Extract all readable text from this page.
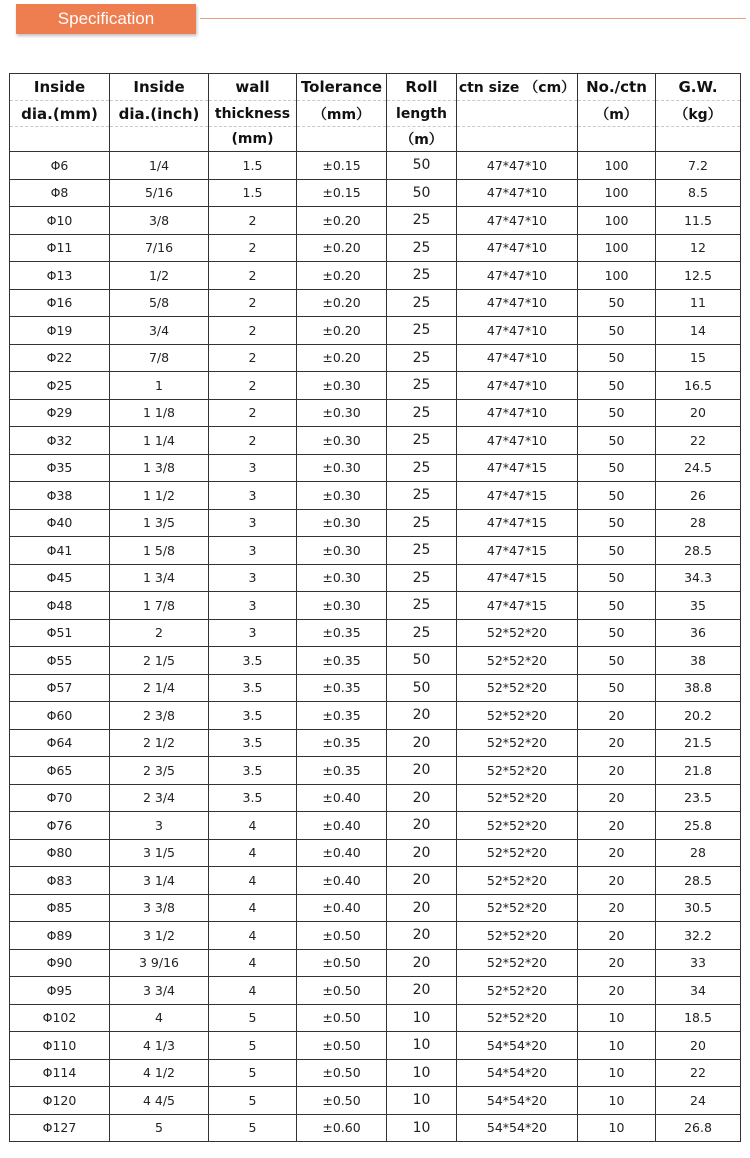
Specification
Inside	Inside	wall	Tolerance	Roll	ctn size （cm）	No./ctn	G.W.
dia.(mm)	dia.(inch)	thickness	（mm）	length		（m）	（kg）
		(mm)		（m）			
Φ6	1/4	1.5	±0.15	50	47*47*10	100	7.2
Φ8	5/16	1.5	±0.15	50	47*47*10	100	8.5
Φ10	3/8	2	±0.20	25	47*47*10	100	11.5
Φ11	7/16	2	±0.20	25	47*47*10	100	12
Φ13	1/2	2	±0.20	25	47*47*10	100	12.5
Φ16	5/8	2	±0.20	25	47*47*10	50	11
Φ19	3/4	2	±0.20	25	47*47*10	50	14
Φ22	7/8	2	±0.20	25	47*47*10	50	15
Φ25	1	2	±0.30	25	47*47*10	50	16.5
Φ29	1 1/8	2	±0.30	25	47*47*10	50	20
Φ32	1 1/4	2	±0.30	25	47*47*10	50	22
Φ35	1 3/8	3	±0.30	25	47*47*15	50	24.5
Φ38	1 1/2	3	±0.30	25	47*47*15	50	26
Φ40	1 3/5	3	±0.30	25	47*47*15	50	28
Φ41	1 5/8	3	±0.30	25	47*47*15	50	28.5
Φ45	1 3/4	3	±0.30	25	47*47*15	50	34.3
Φ48	1 7/8	3	±0.30	25	47*47*15	50	35
Φ51	2	3	±0.35	25	52*52*20	50	36
Φ55	2 1/5	3.5	±0.35	50	52*52*20	50	38
Φ57	2 1/4	3.5	±0.35	50	52*52*20	50	38.8
Φ60	2 3/8	3.5	±0.35	20	52*52*20	20	20.2
Φ64	2 1/2	3.5	±0.35	20	52*52*20	20	21.5
Φ65	2 3/5	3.5	±0.35	20	52*52*20	20	21.8
Φ70	2 3/4	3.5	±0.40	20	52*52*20	20	23.5
Φ76	3	4	±0.40	20	52*52*20	20	25.8
Φ80	3 1/5	4	±0.40	20	52*52*20	20	28
Φ83	3 1/4	4	±0.40	20	52*52*20	20	28.5
Φ85	3 3/8	4	±0.40	20	52*52*20	20	30.5
Φ89	3 1/2	4	±0.50	20	52*52*20	20	32.2
Φ90	3 9/16	4	±0.50	20	52*52*20	20	33
Φ95	3 3/4	4	±0.50	20	52*52*20	20	34
Φ102	4	5	±0.50	10	52*52*20	10	18.5
Φ110	4 1/3	5	±0.50	10	54*54*20	10	20
Φ114	4 1/2	5	±0.50	10	54*54*20	10	22
Φ120	4 4/5	5	±0.50	10	54*54*20	10	24
Φ127	5	5	±0.60	10	54*54*20	10	26.8
